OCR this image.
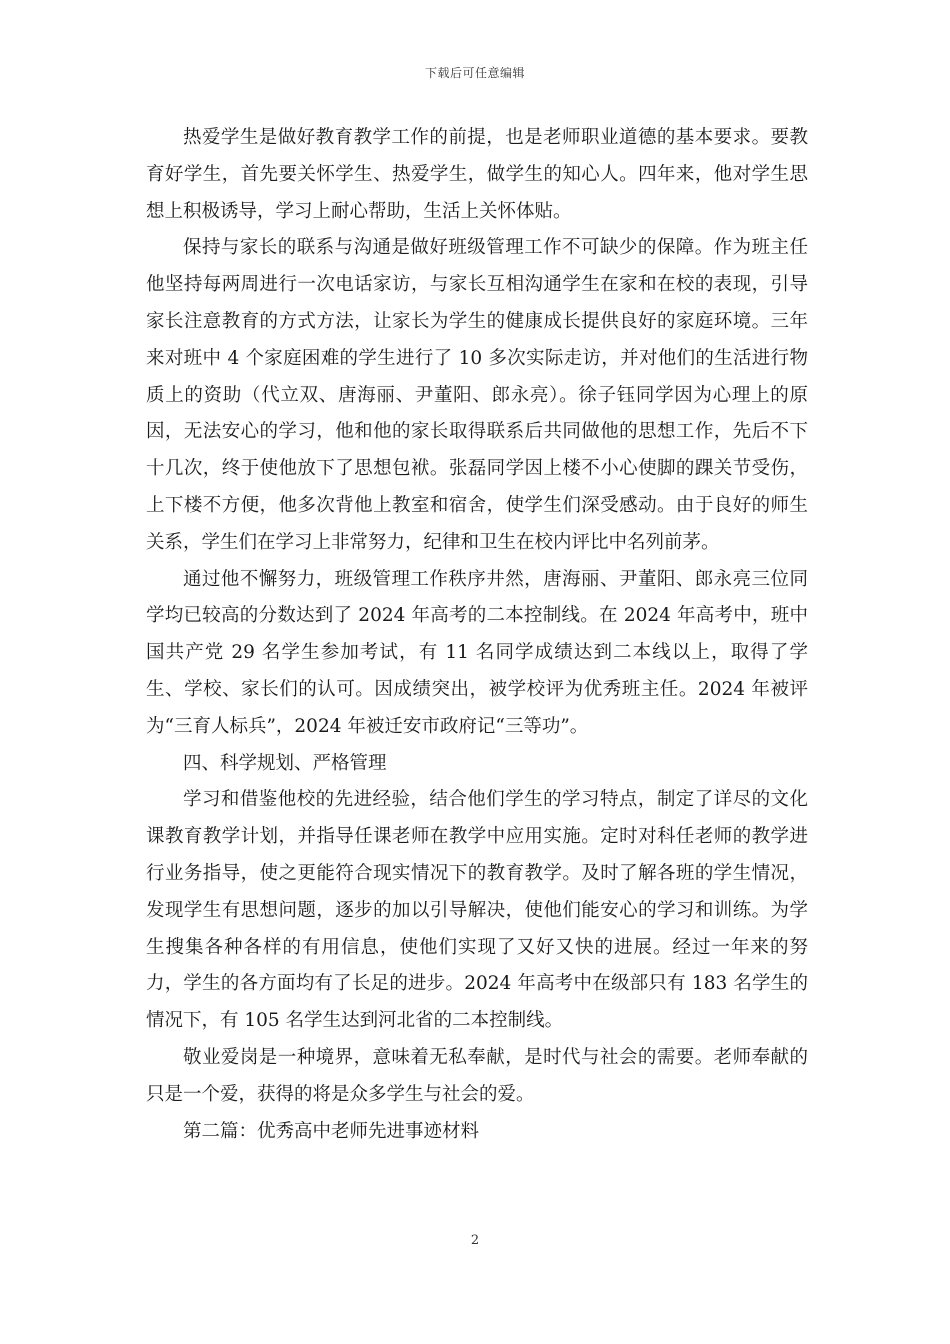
下载后可任意编辑

热爱学生是做好教育教学工作的前提，也是老师职业道德的基本要求。要教育好学生，首先要关怀学生、热爱学生，做学生的知心人。四年来，他对学生思想上积极诱导，学习上耐心帮助，生活上关怀体贴。

保持与家长的联系与沟通是做好班级管理工作不可缺少的保障。作为班主任他坚持每两周进行一次电话家访，与家长互相沟通学生在家和在校的表现，引导家长注意教育的方式方法，让家长为学生的健康成长提供良好的家庭环境。三年来对班中 4 个家庭困难的学生进行了 10 多次实际走访，并对他们的生活进行物质上的资助（代立双、唐海丽、尹董阳、郎永亮）。徐子钰同学因为心理上的原因，无法安心的学习，他和他的家长取得联系后共同做他的思想工作，先后不下十几次，终于使他放下了思想包袱。张磊同学因上楼不小心使脚的踝关节受伤，上下楼不方便，他多次背他上教室和宿舍，使学生们深受感动。由于良好的师生关系，学生们在学习上非常努力，纪律和卫生在校内评比中名列前茅。

通过他不懈努力，班级管理工作秩序井然，唐海丽、尹董阳、郎永亮三位同学均已较高的分数达到了 2024 年高考的二本控制线。在 2024 年高考中，班中国共产党 29 名学生参加考试，有 11 名同学成绩达到二本线以上，取得了学生、学校、家长们的认可。因成绩突出，被学校评为优秀班主任。2024 年被评为“三育人标兵”，2024 年被迁安市政府记“三等功”。

四、科学规划、严格管理

学习和借鉴他校的先进经验，结合他们学生的学习特点，制定了详尽的文化课教育教学计划，并指导任课老师在教学中应用实施。定时对科任老师的教学进行业务指导，使之更能符合现实情况下的教育教学。及时了解各班的学生情况，发现学生有思想问题，逐步的加以引导解决，使他们能安心的学习和训练。为学生搜集各种各样的有用信息，使他们实现了又好又快的进展。经过一年来的努力，学生的各方面均有了长足的进步。2024 年高考中在级部只有 183 名学生的情况下，有 105 名学生达到河北省的二本控制线。

敬业爱岗是一种境界，意味着无私奉献，是时代与社会的需要。老师奉献的只是一个爱，获得的将是众多学生与社会的爱。

第二篇：优秀高中老师先进事迹材料

2
